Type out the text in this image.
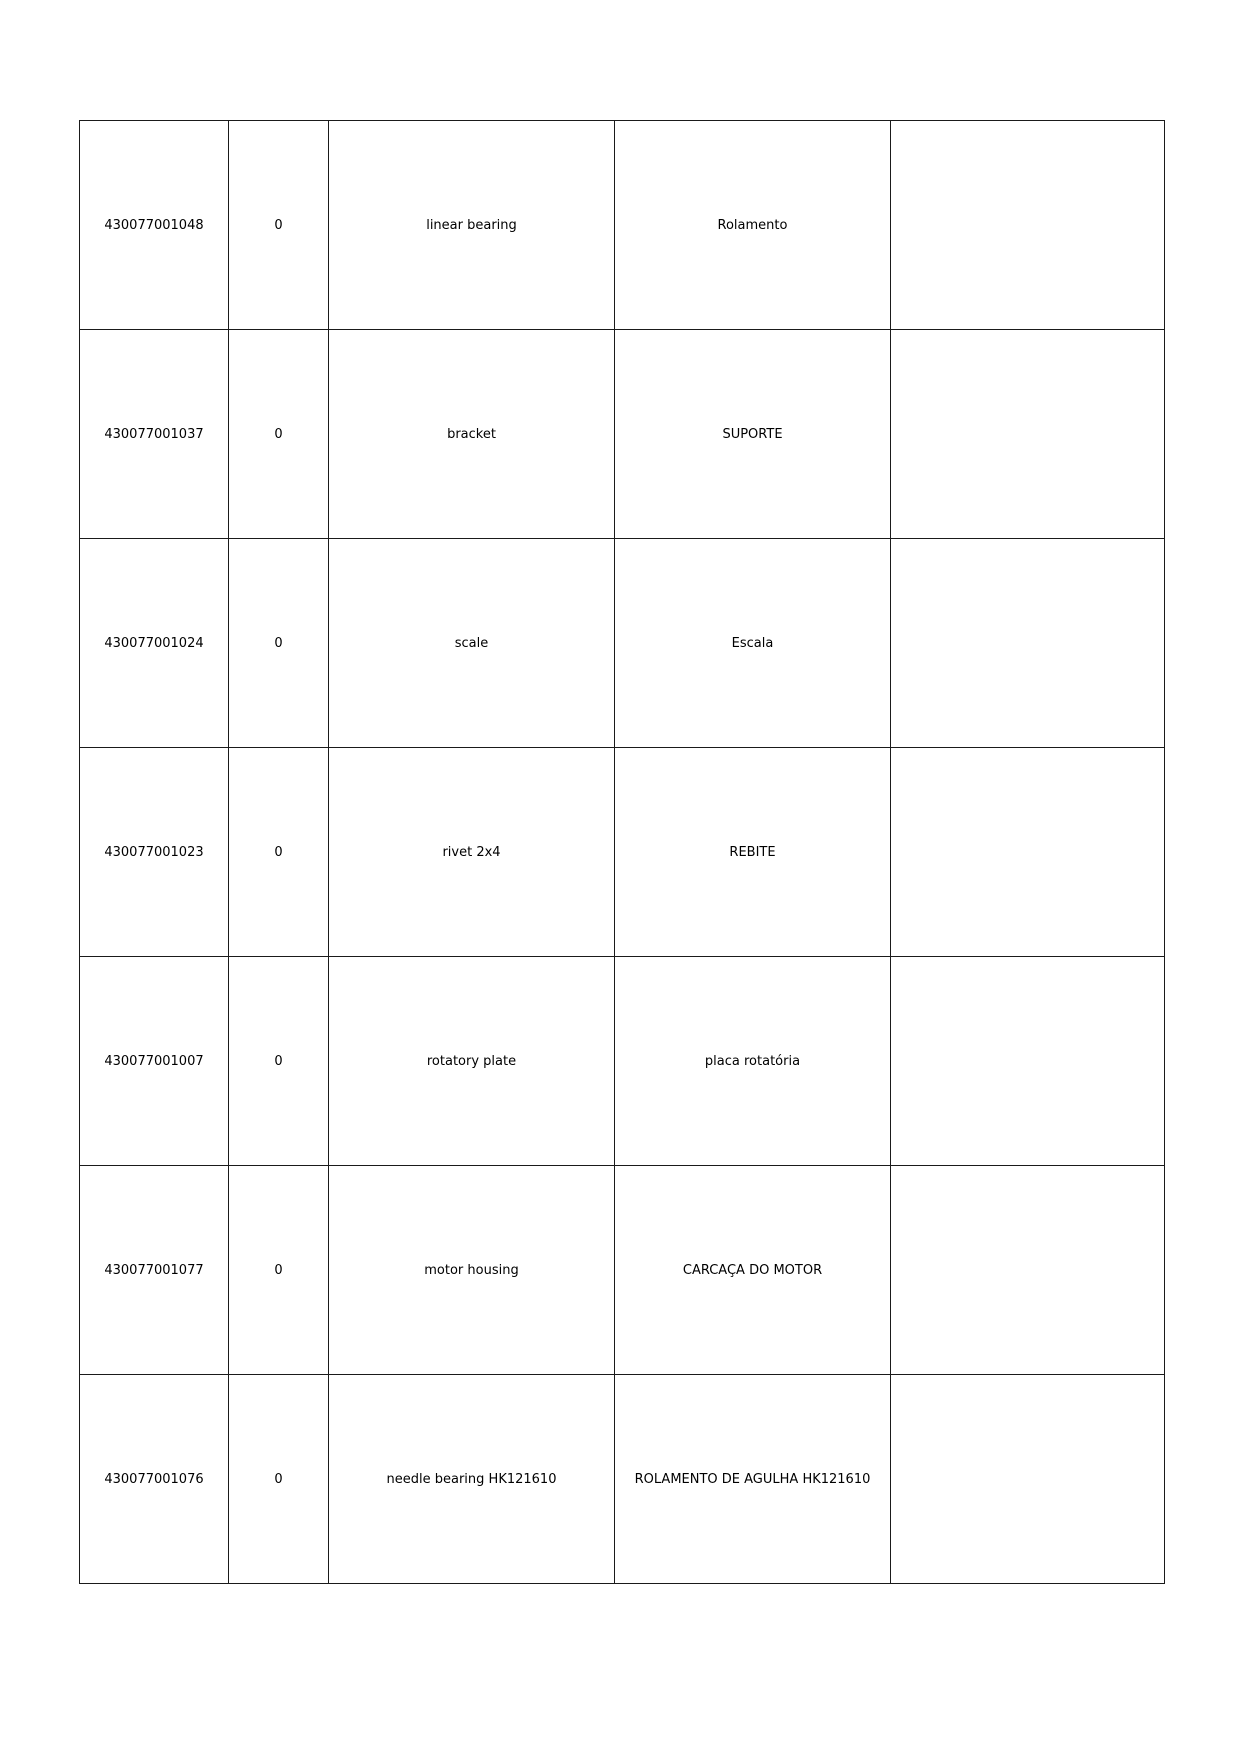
430077001048	0	linear bearing	Rolamento	
430077001037	0	bracket	SUPORTE	
430077001024	0	scale	Escala	
430077001023	0	rivet 2x4	REBITE	
430077001007	0	rotatory plate	placa rotatória	
430077001077	0	motor housing	CARCAÇA DO MOTOR	
430077001076	0	needle bearing HK121610	ROLAMENTO DE AGULHA HK121610	
